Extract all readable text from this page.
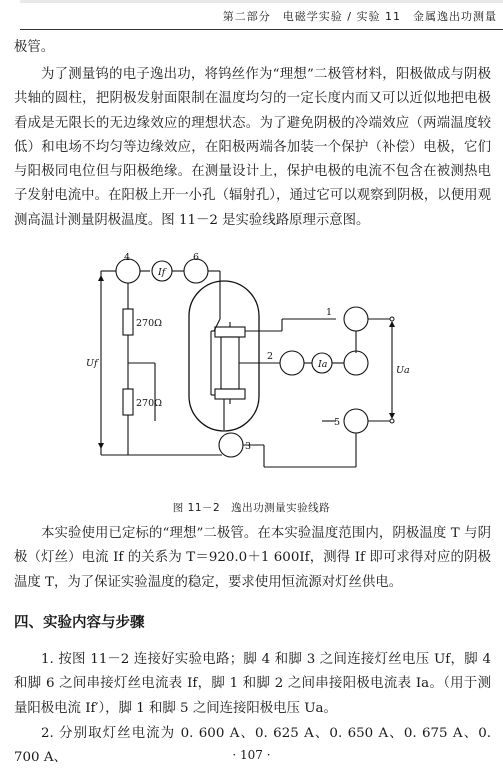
第二部分　电磁学实验 / 实验 11　金属逸出功测量

极管。

为了测量钨的电子逸出功，将钨丝作为“理想”二极管材料，阳极做成与阴极共轴的圆柱，把阴极发射面限制在温度均匀的一定长度内而又可以近似地把电极看成是无限长的无边缘效应的理想状态。为了避免阴极的冷端效应（两端温度较低）和电场不均匀等边缘效应，在阳极两端各加装一个保护（补偿）电极，它们与阳极同电位但与阳极绝缘。在测量设计上，保护电极的电流不包含在被测热电子发射电流中。在阳极上开一小孔（辐射孔），通过它可以观察到阴极，以便用观测高温计测量阴极温度。图 11－2 是实验线路原理示意图。

4	6
If
1
2
Ia
3
5
270Ω
270Ω
Uf
Ua
图 11－2　逸出功测量实验线路

本实验使用已定标的“理想”二极管。在本实验温度范围内，阴极温度 T 与阴极（灯丝）电流 If 的关系为 T＝920.0＋1 600If，测得 If 即可求得对应的阴极温度 T，为了保证实验温度的稳定，要求使用恒流源对灯丝供电。

四、实验内容与步骤

1. 按图 11－2 连接好实验电路；脚 4 和脚 3 之间连接灯丝电压 Uf，脚 4 和脚 6 之间串接灯丝电流表 If，脚 1 和脚 2 之间串接阳极电流表 Ia。（用于测量阳极电流 If′），脚 1 和脚 5 之间连接阳极电压 Ua。

2. 分别取灯丝电流为 0. 600 A、0. 625 A、0. 650 A、0. 675 A、0. 700 A、	· 107 ·
